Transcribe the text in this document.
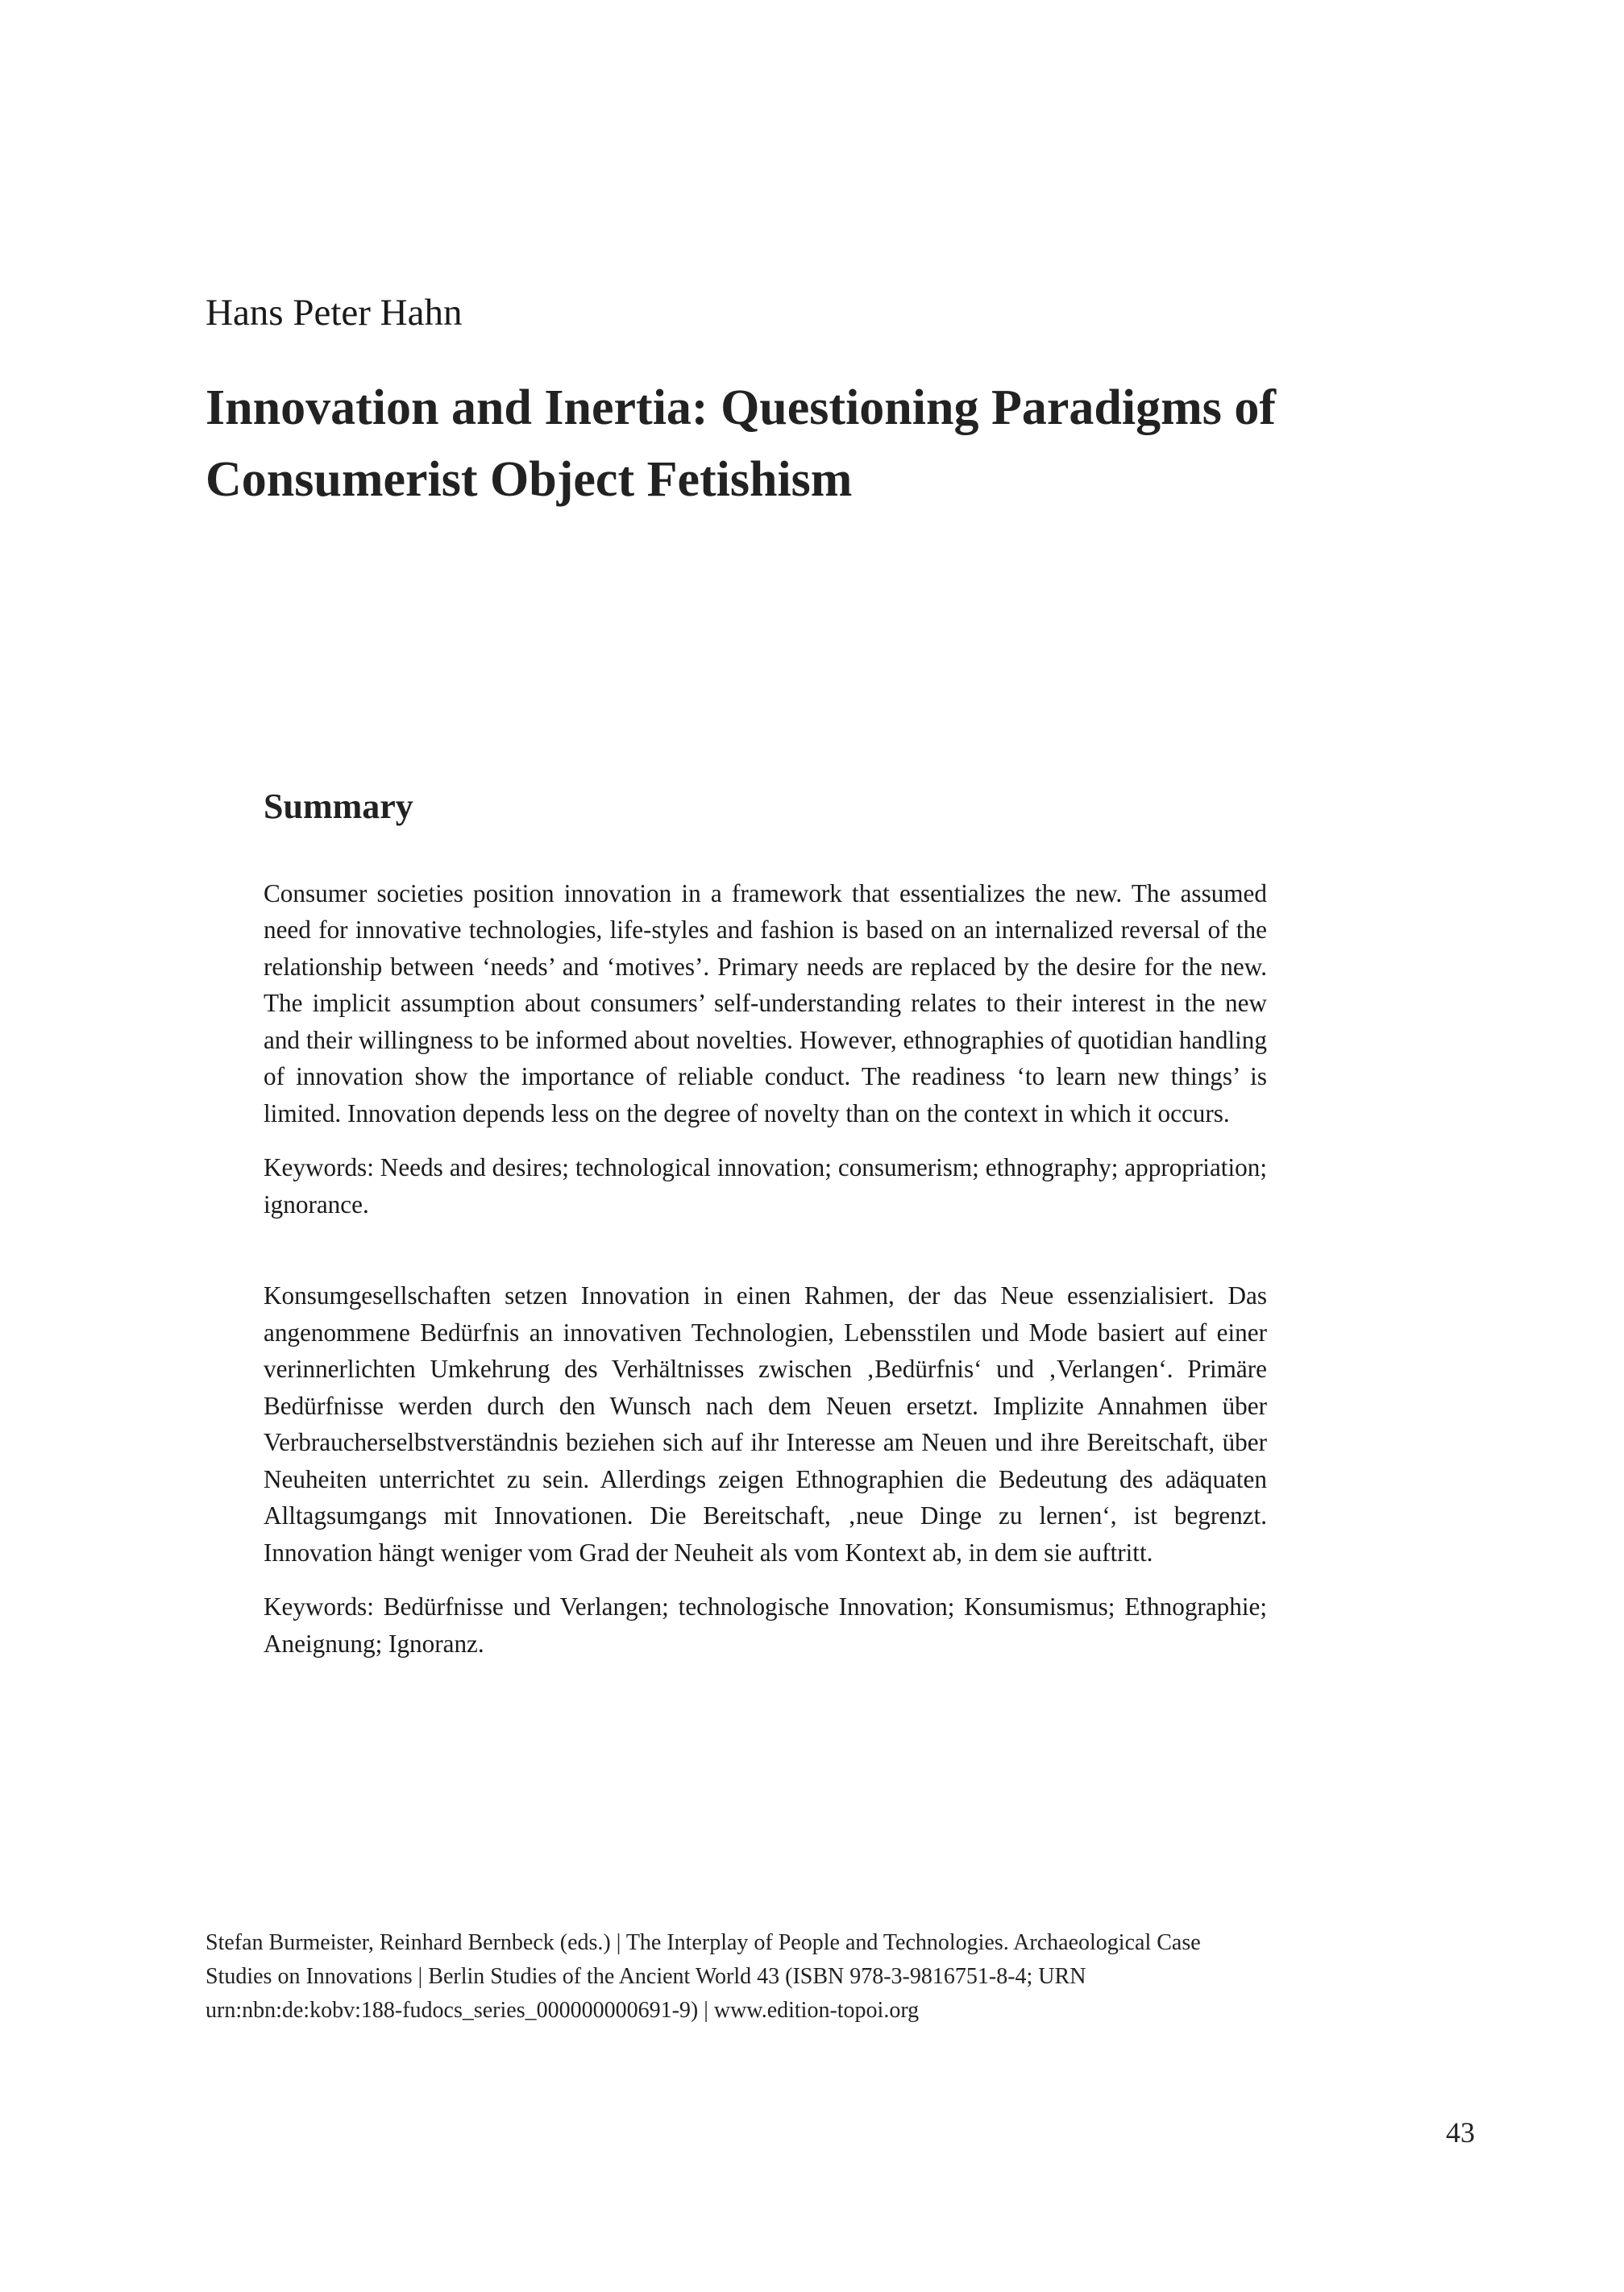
Hans Peter Hahn
Innovation and Inertia: Questioning Paradigms of Consumerist Object Fetishism
Summary

Consumer societies position innovation in a framework that essentializes the new. The assumed need for innovative technologies, life-styles and fashion is based on an internalized reversal of the relationship between ‘needs’ and ‘motives’. Primary needs are replaced by the desire for the new. The implicit assumption about consumers’ self-understanding relates to their interest in the new and their willingness to be informed about novelties. However, ethnographies of quotidian handling of innovation show the importance of reliable conduct. The readiness ‘to learn new things’ is limited. Innovation depends less on the degree of novelty than on the context in which it occurs.

Keywords: Needs and desires; technological innovation; consumerism; ethnography; appropriation; ignorance.

Konsumgesellschaften setzen Innovation in einen Rahmen, der das Neue essenzialisiert. Das angenommene Bedürfnis an innovativen Technologien, Lebensstilen und Mode basiert auf einer verinnerlichten Umkehrung des Verhältnisses zwischen ‚Bedürfnis‘ und ‚Verlangen‘. Primäre Bedürfnisse werden durch den Wunsch nach dem Neuen ersetzt. Implizite Annahmen über Verbraucherselbstverständnis beziehen sich auf ihr Interesse am Neuen und ihre Bereitschaft, über Neuheiten unterrichtet zu sein. Allerdings zeigen Ethnographien die Bedeutung des adäquaten Alltagsumgangs mit Innovationen. Die Bereitschaft, ‚neue Dinge zu lernen‘, ist begrenzt. Innovation hängt weniger vom Grad der Neuheit als vom Kontext ab, in dem sie auftritt.

Keywords: Bedürfnisse und Verlangen; technologische Innovation; Konsumismus; Ethnographie; Aneignung; Ignoranz.

Stefan Burmeister, Reinhard Bernbeck (eds.) | The Interplay of People and Technologies. Archaeological Case Studies on Innovations | Berlin Studies of the Ancient World 43 (ISBN 978-3-9816751-8-4; URN urn:nbn:de:kobv:188-fudocs_series_000000000691-9) | www.edition-topoi.org

43
